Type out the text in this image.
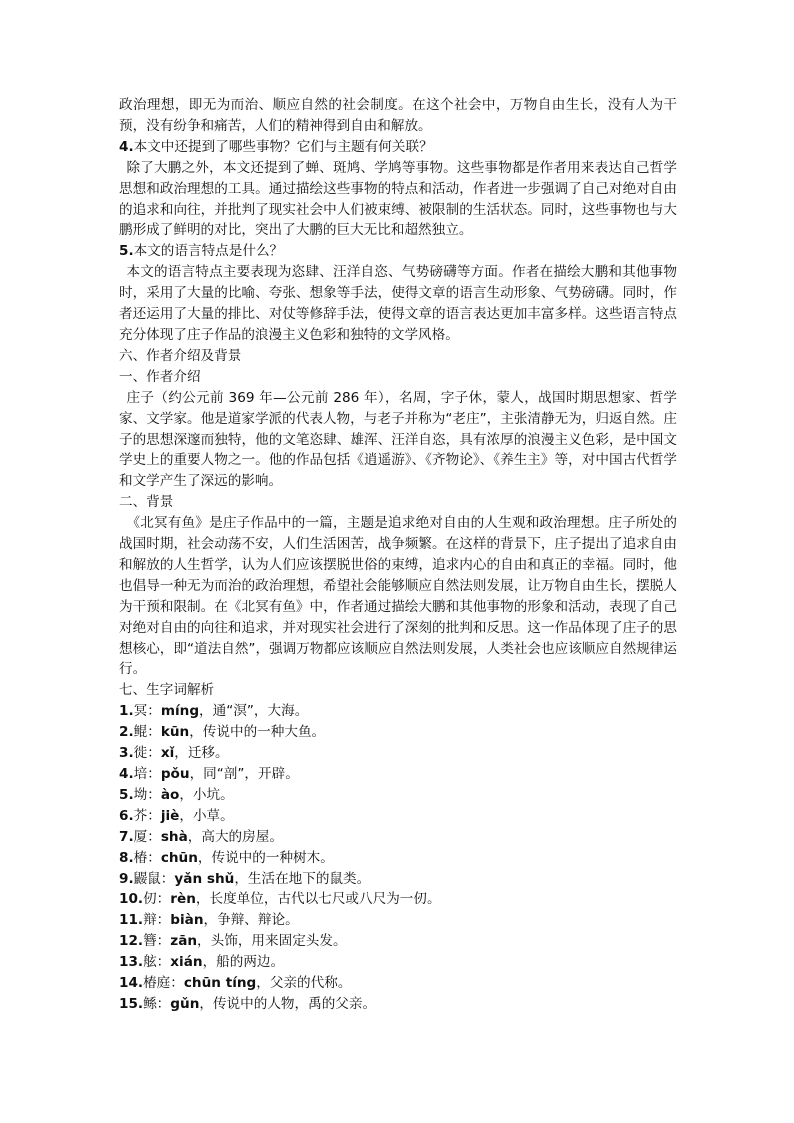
政治理想，即无为而治、顺应自然的社会制度。在这个社会中，万物自由生长，没有人为干预，没有纷争和痛苦，人们的精神得到自由和解放。

4.本文中还提到了哪些事物？它们与主题有何关联？

除了大鹏之外，本文还提到了蝉、斑鸠、学鸠等事物。这些事物都是作者用来表达自己哲学思想和政治理想的工具。通过描绘这些事物的特点和活动，作者进一步强调了自己对绝对自由的追求和向往，并批判了现实社会中人们被束缚、被限制的生活状态。同时，这些事物也与大鹏形成了鲜明的对比，突出了大鹏的巨大无比和超然独立。

5.本文的语言特点是什么？

本文的语言特点主要表现为恣肆、汪洋自恣、气势磅礴等方面。作者在描绘大鹏和其他事物时，采用了大量的比喻、夸张、想象等手法，使得文章的语言生动形象、气势磅礴。同时，作者还运用了大量的排比、对仗等修辞手法，使得文章的语言表达更加丰富多样。这些语言特点充分体现了庄子作品的浪漫主义色彩和独特的文学风格。

六、作者介绍及背景

一、作者介绍

庄子（约公元前 369 年—公元前 286 年），名周，字子休，蒙人，战国时期思想家、哲学家、文学家。他是道家学派的代表人物，与老子并称为“老庄”，主张清静无为，归返自然。庄子的思想深邃而独特，他的文笔恣肆、雄浑、汪洋自恣，具有浓厚的浪漫主义色彩，是中国文学史上的重要人物之一。他的作品包括《逍遥游》、《齐物论》、《养生主》等，对中国古代哲学和文学产生了深远的影响。

二、背景

《北冥有鱼》是庄子作品中的一篇，主题是追求绝对自由的人生观和政治理想。庄子所处的战国时期，社会动荡不安，人们生活困苦，战争频繁。在这样的背景下，庄子提出了追求自由和解放的人生哲学，认为人们应该摆脱世俗的束缚，追求内心的自由和真正的幸福。同时，他也倡导一种无为而治的政治理想，希望社会能够顺应自然法则发展，让万物自由生长，摆脱人为干预和限制。在《北冥有鱼》中，作者通过描绘大鹏和其他事物的形象和活动，表现了自己对绝对自由的向往和追求，并对现实社会进行了深刻的批判和反思。这一作品体现了庄子的思想核心，即“道法自然”，强调万物都应该顺应自然法则发展，人类社会也应该顺应自然规律运行。

七、生字词解析

1.冥：míng，通“溟”，大海。
2.鲲：kūn，传说中的一种大鱼。
3.徙：xǐ，迁移。
4.培：pǒu，同“剖”，开辟。
5.坳：ào，小坑。
6.芥：jiè，小草。
7.厦：shà，高大的房屋。
8.椿：chūn，传说中的一种树木。
9.鼹鼠：yǎn shǔ，生活在地下的鼠类。
10.仞：rèn，长度单位，古代以七尺或八尺为一仞。
11.辩：biàn，争辩、辩论。
12.簪：zān，头饰，用来固定头发。
13.舷：xián，船的两边。
14.椿庭：chūn tíng，父亲的代称。
15.鲧：gǔn，传说中的人物，禹的父亲。
